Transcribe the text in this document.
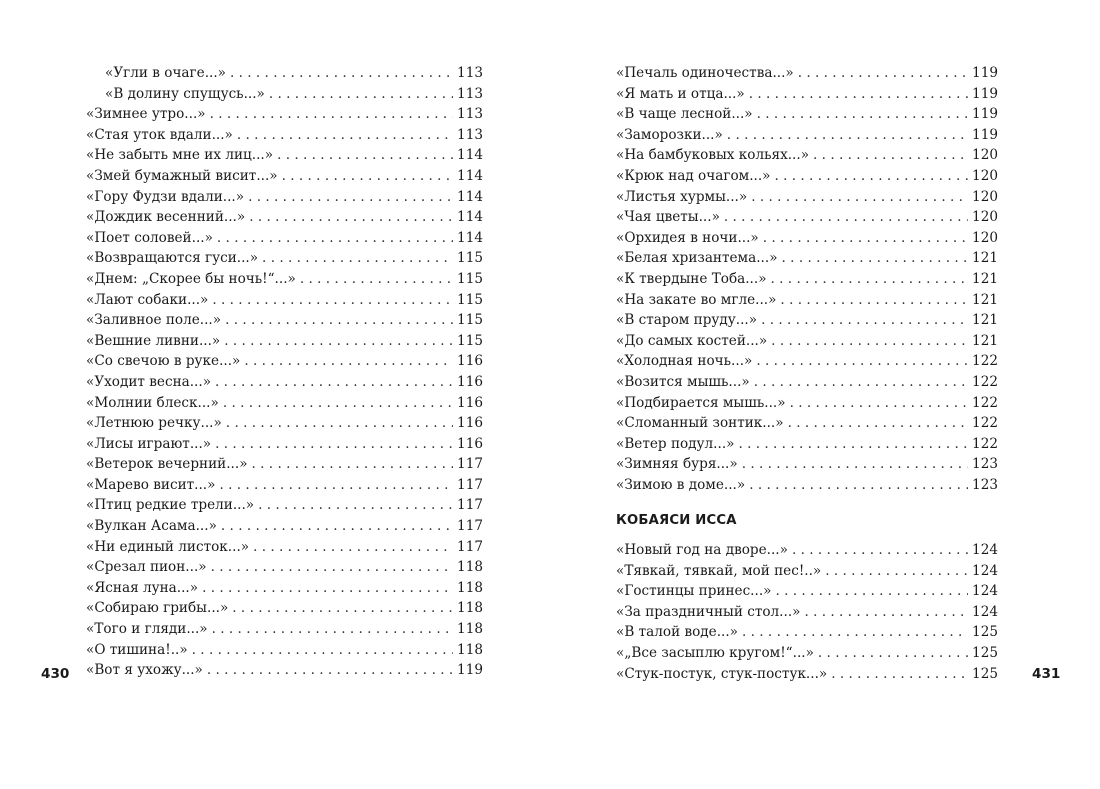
«Угли в очаге...» . . .	113
«В долину спущусь...» . . .	113
«Зимнее утро...» . . .	113
«Стая уток вдали...» . . .	113
«Не забыть мне их лиц...» . . .	114
«Змей бумажный висит...» . . .	114
«Гору Фудзи вдали...» . . .	114
«Дождик весенний...» . . .	114
«Поет соловей...» . . .	114
«Возвращаются гуси...» . . .	115
«Днем: „Скорее бы ночь!“...» . . .	115
«Лают собаки...» . . .	115
«Заливное поле...» . . .	115
«Вешние ливни...» . . .	115
«Со свечою в руке...» . . .	116
«Уходит весна...» . . .	116
«Молнии блеск...» . . .	116
«Летнюю речку...» . . .	116
«Лисы играют...» . . .	116
«Ветерок вечерний...» . . .	117
«Марево висит...» . . .	117
«Птиц редкие трели...» . . .	117
«Вулкан Асама...» . . .	117
«Ни единый листок...» . . .	117
«Срезал пион...» . . .	118
«Ясная луна...» . . .	118
«Собираю грибы...» . . .	118
«Того и гляди...» . . .	118
«О тишина!..» . . .	118
«Вот я ухожу...» . . .	119
430
«Печаль одиночества...» . . .	119
«Я мать и отца...» . . .	119
«В чаще лесной...» . . .	119
«Заморозки...» . . .	119
«На бамбуковых кольях...» . . .	120
«Крюк над очагом...» . . .	120
«Листья хурмы...» . . .	120
«Чая цветы...» . . .	120
«Орхидея в ночи...» . . .	120
«Белая хризантема...» . . .	121
«К твердыне Тоба...» . . .	121
«На закате во мгле...» . . .	121
«В старом пруду...» . . .	121
«До самых костей...» . . .	121
«Холодная ночь...» . . .	122
«Возится мышь...» . . .	122
«Подбирается мышь...» . . .	122
«Сломанный зонтик...» . . .	122
«Ветер подул...» . . .	122
«Зимняя буря...» . . .	123
«Зимою в доме...» . . .	123
КОБАЯСИ ИССА
«Новый год на дворе...» . . .	124
«Тявкай, тявкай, мой пес!..» . . .	124
«Гостинцы принес...» . . .	124
«За праздничный стол...» . . .	124
«В талой воде...» . . .	125
«„Все засыплю кругом!“...» . . .	125
«Стук-постук, стук-постук...» . . .	125	431
